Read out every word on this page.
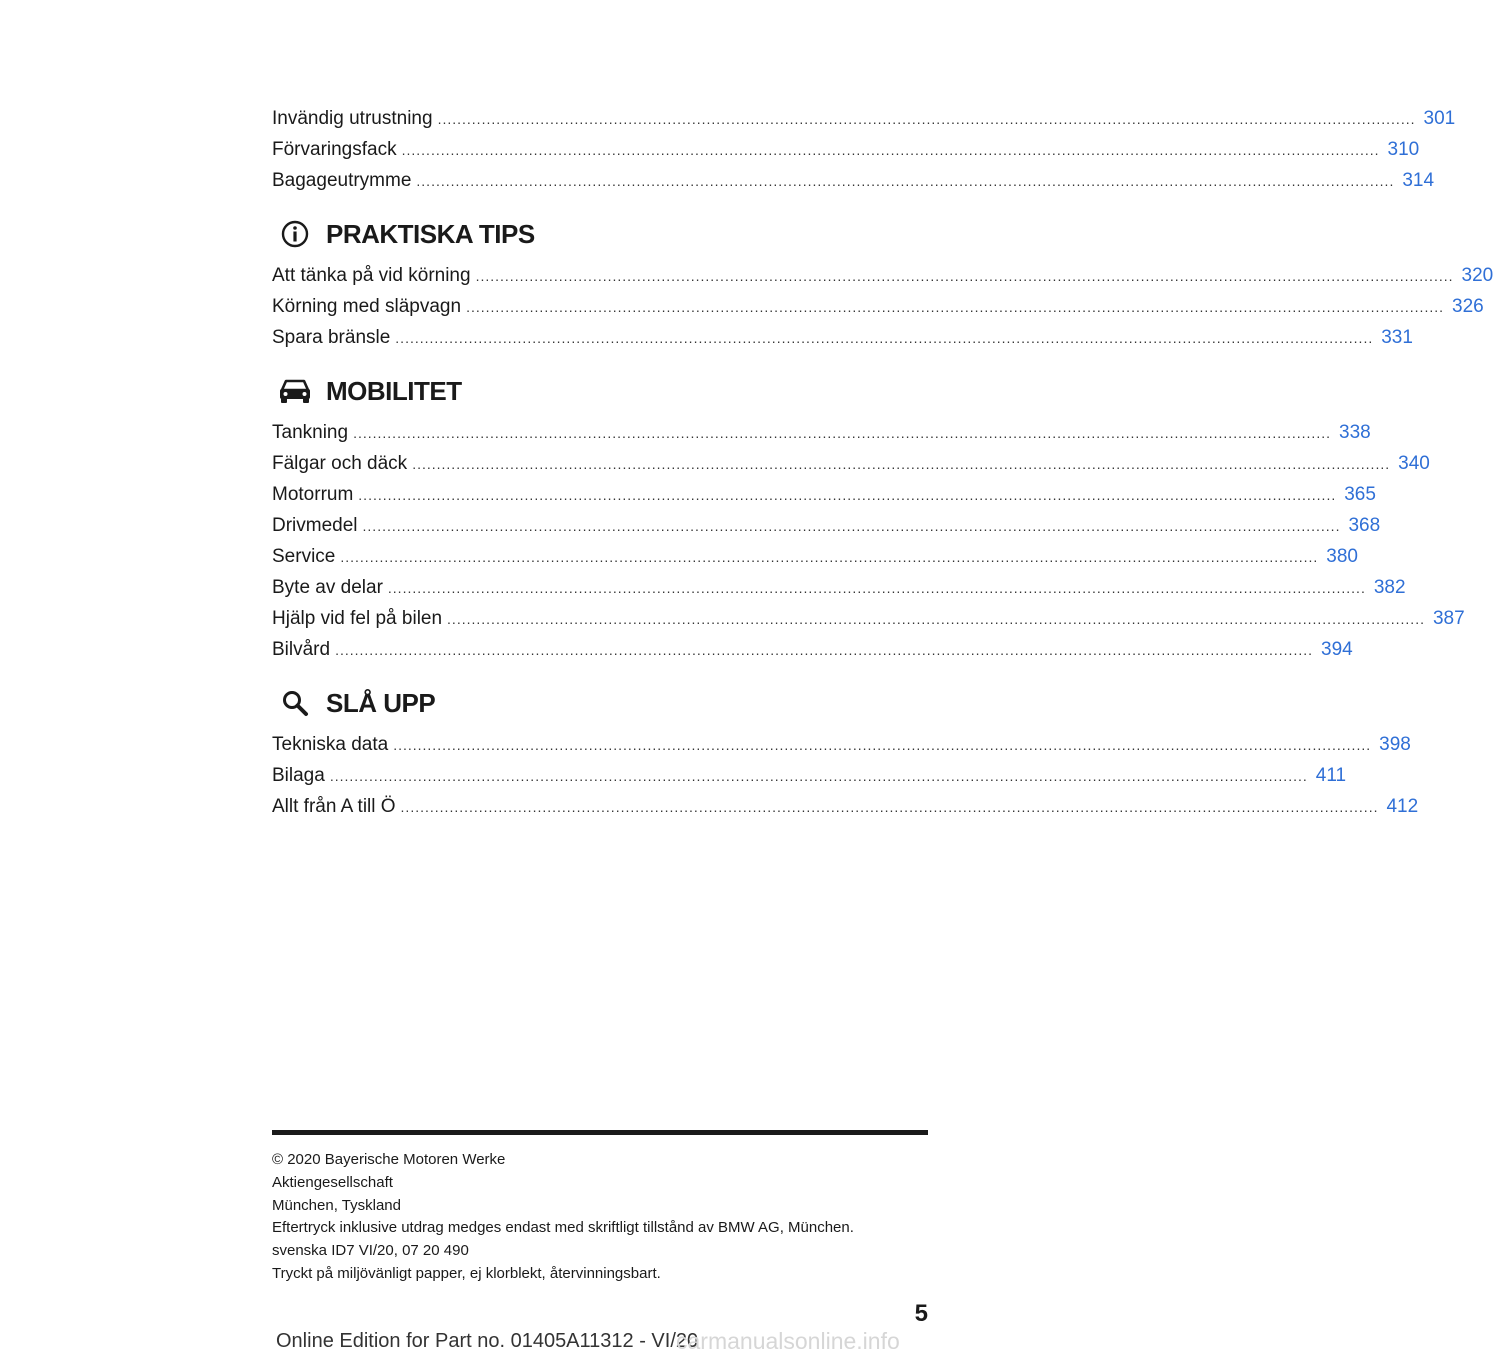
Invändig utrustning ........................................................................................................................................................................................................ 301
Förvaringsfack ........................................................................................................................................................................................................ 310
Bagageutrymme ........................................................................................................................................................................................................ 314
PRAKTISKA TIPS
Att tänka på vid körning ........................................................................................................................................................................................................ 320
Körning med släpvagn ........................................................................................................................................................................................................ 326
Spara bränsle ........................................................................................................................................................................................................ 331
MOBILITET
Tankning ........................................................................................................................................................................................................ 338
Fälgar och däck ........................................................................................................................................................................................................ 340
Motorrum ........................................................................................................................................................................................................ 365
Drivmedel ........................................................................................................................................................................................................ 368
Service ........................................................................................................................................................................................................ 380
Byte av delar ........................................................................................................................................................................................................ 382
Hjälp vid fel på bilen ........................................................................................................................................................................................................ 387
Bilvård ........................................................................................................................................................................................................ 394
SLÅ UPP
Tekniska data ........................................................................................................................................................................................................ 398
Bilaga ........................................................................................................................................................................................................ 411
Allt från A till Ö ........................................................................................................................................................................................................ 412
© 2020 Bayerische Motoren Werke
Aktiengesellschaft
München, Tyskland
Eftertryck inklusive utdrag medges endast med skriftligt tillstånd av BMW AG, München.
svenska ID7 VI/20, 07 20 490
Tryckt på miljövänligt papper, ej klorblekt, återvinningsbart.
5
Online Edition for Part no. 01405A11312 - VI/20
carmanualsonline.info
